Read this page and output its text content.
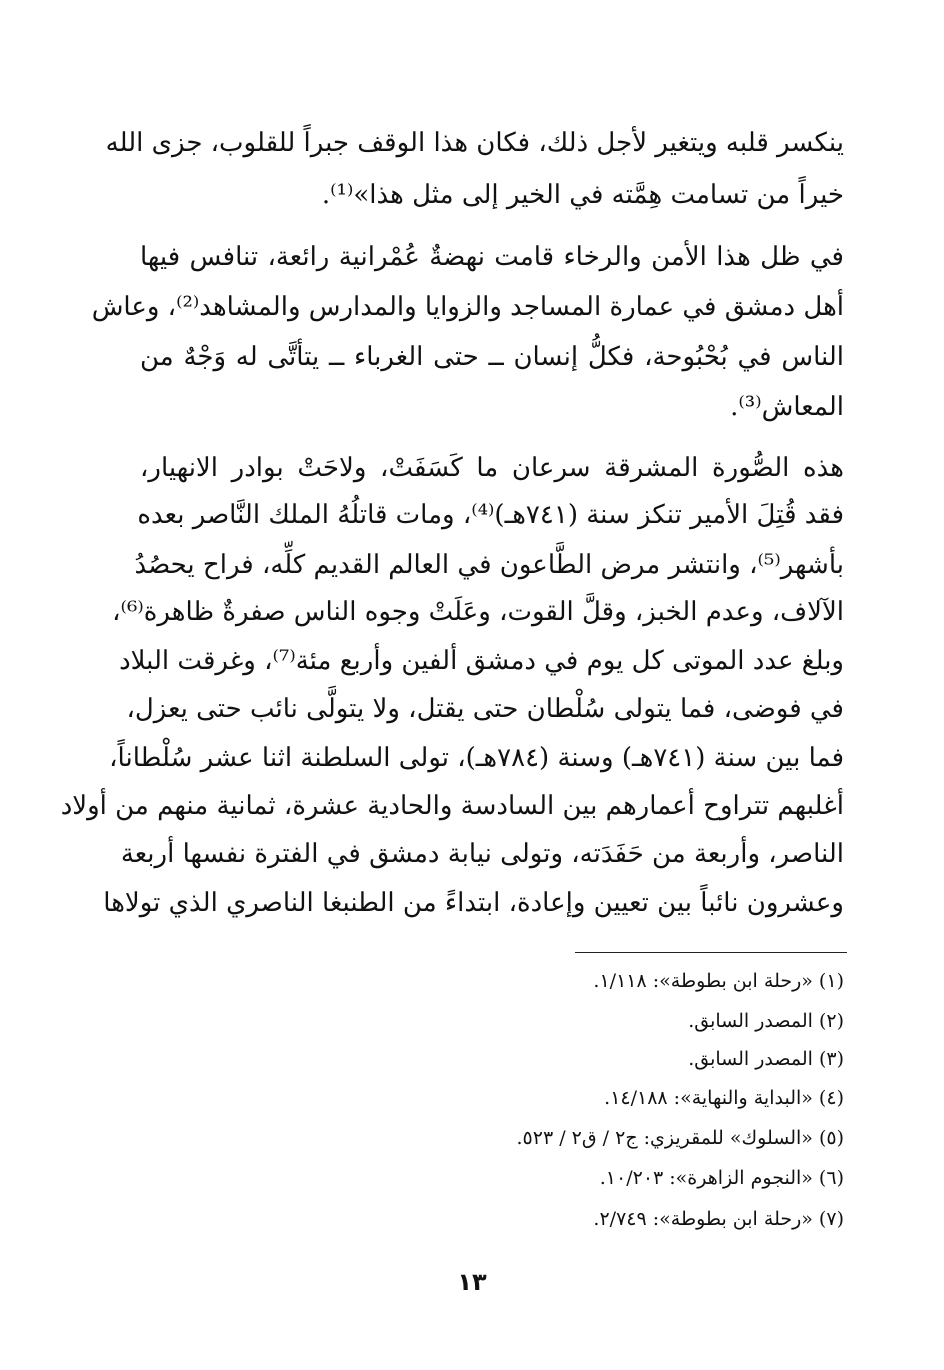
ينكسر قلبه ويتغير لأجل ذلك، فكان هذا الوقف جبراً للقلوب، جزى الله
خيراً من تسامت هِمَّته في الخير إلى مثل هذا»⁽¹⁾.
في ظل هذا الأمن والرخاء قامت نهضةٌ عُمْرانية رائعة، تنافس فيها
أهل دمشق في عمارة المساجد والزوايا والمدارس والمشاهد⁽²⁾، وعاش
الناس في بُحْبُوحة، فكلُّ إنسان ــ حتى الغرباء ــ يتأتَّى له وَجْهٌ من
المعاش⁽³⁾.
هذه الصُّورة المشرقة سرعان ما كَسَفَتْ، ولاحَتْ بوادر الانهيار،
فقد قُتِلَ الأمير تنكز سنة (٧٤١هـ)⁽⁴⁾، ومات قاتلُهُ الملك النَّاصر بعده
بأشهر⁽⁵⁾، وانتشر مرض الطَّاعون في العالم القديم كلِّه، فراح يحصُدُ
الآلاف، وعدم الخبز، وقلَّ القوت، وعَلَتْ وجوه الناس صفرةٌ ظاهرة⁽⁶⁾،
وبلغ عدد الموتى كل يوم في دمشق ألفين وأربع مئة⁽⁷⁾، وغرقت البلاد
في فوضى، فما يتولى سُلْطان حتى يقتل، ولا يتولَّى نائب حتى يعزل،
فما بين سنة (٧٤١هـ) وسنة (٧٨٤هـ)، تولى السلطنة اثنا عشر سُلْطاناً،
أغلبهم تتراوح أعمارهم بين السادسة والحادية عشرة، ثمانية منهم من أولاد
الناصر، وأربعة من حَفَدَته، وتولى نيابة دمشق في الفترة نفسها أربعة
وعشرون نائباً بين تعيين وإعادة، ابتداءً من الطنبغا الناصري الذي تولاها
(١) «رحلة ابن بطوطة»: ١/١١٨.
(٢) المصدر السابق.
(٣) المصدر السابق.
(٤) «البداية والنهاية»: ١٤/١٨٨.
(٥) «السلوك» للمقريزي: ج٢ / ق٢ / ٥٢٣.
(٦) «النجوم الزاهرة»: ١٠/٢٠٣.
(٧) «رحلة ابن بطوطة»: ٢/٧٤٩.
١٣
